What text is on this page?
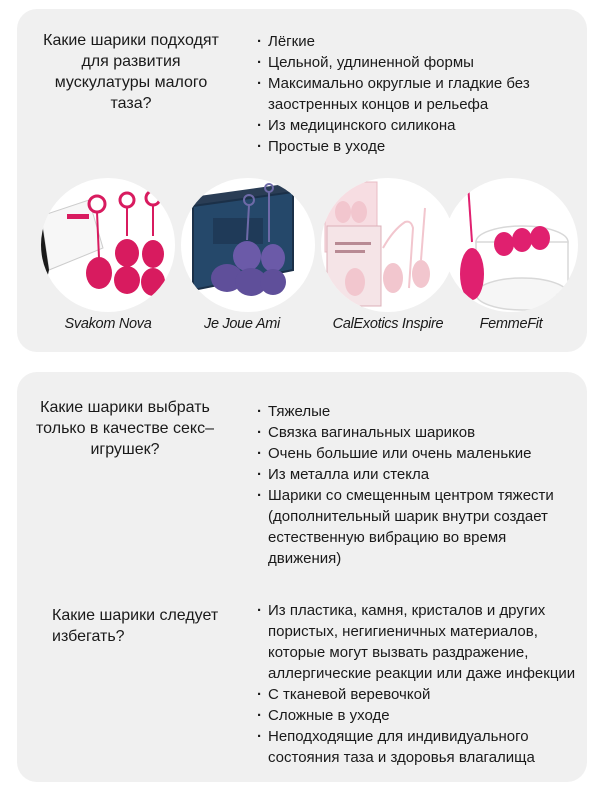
Какие шарики подходят для развития мускулатуры малого таза?
· Лёгкие
· Цельной, удлиненной формы
· Максимально округлые и гладкие без заостренных концов и рельефа
· Из медицинского силикона
· Простые в уходе
Svakom Nova	Je Joue Ami	CalExotics Inspire	FemmeFit
Какие шарики выбрать только в качестве секс–игрушек?
· Тяжелые
· Связка вагинальных шариков
· Очень большие или очень маленькие
· Из металла или стекла
· Шарики со смещенным центром тяжести (дополнительный шарик внутри создает естественную вибрацию во время движения)
Какие шарики следует избегать?
· Из пластика, камня, кристалов и других пористых, негигиеничных материалов, которые могут вызвать раздражение, аллергические реакции или даже инфекции
· С тканевой веревочкой
· Сложные в уходе
· Неподходящие для индивидуального состояния таза и здоровья влагалища
